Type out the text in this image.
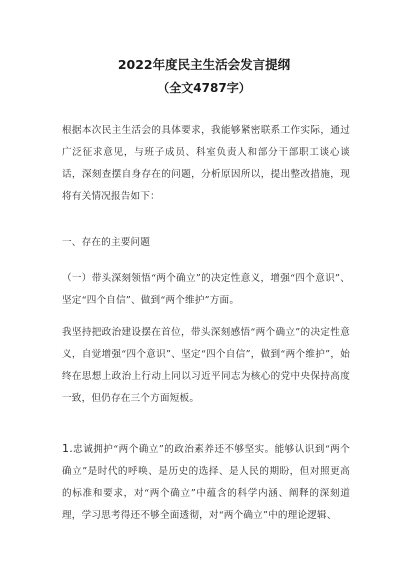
2022年度民主生活会发言提纲
（全文4787字）

根据本次民主生活会的具体要求，我能够紧密联系工作实际，通过广泛征求意见，与班子成员、科室负责人和部分干部职工谈心谈话，深刻查摆自身存在的问题，分析原因所以，提出整改措施，现将有关情况报告如下：

一、存在的主要问题

（一）带头深刻领悟“两个确立”的决定性意义，增强“四个意识”、坚定“四个自信”、做到“两个维护”方面。

我坚持把政治建设摆在首位，带头深刻感悟“两个确立”的决定性意义，自觉增强“四个意识”、坚定“四个自信”，做到“两个维护”，始终在思想上政治上行动上同以习近平同志为核心的党中央保持高度一致，但仍存在三个方面短板。

1.忠诚拥护“两个确立”的政治素养还不够坚实。能够认识到“两个确立”是时代的呼唤、是历史的选择、是人民的期盼，但对照更高的标准和要求，对“两个确立”中蕴含的科学内涵、阐释的深刻道理，学习思考得还不够全面透彻，对“两个确立”中的理论逻辑、
